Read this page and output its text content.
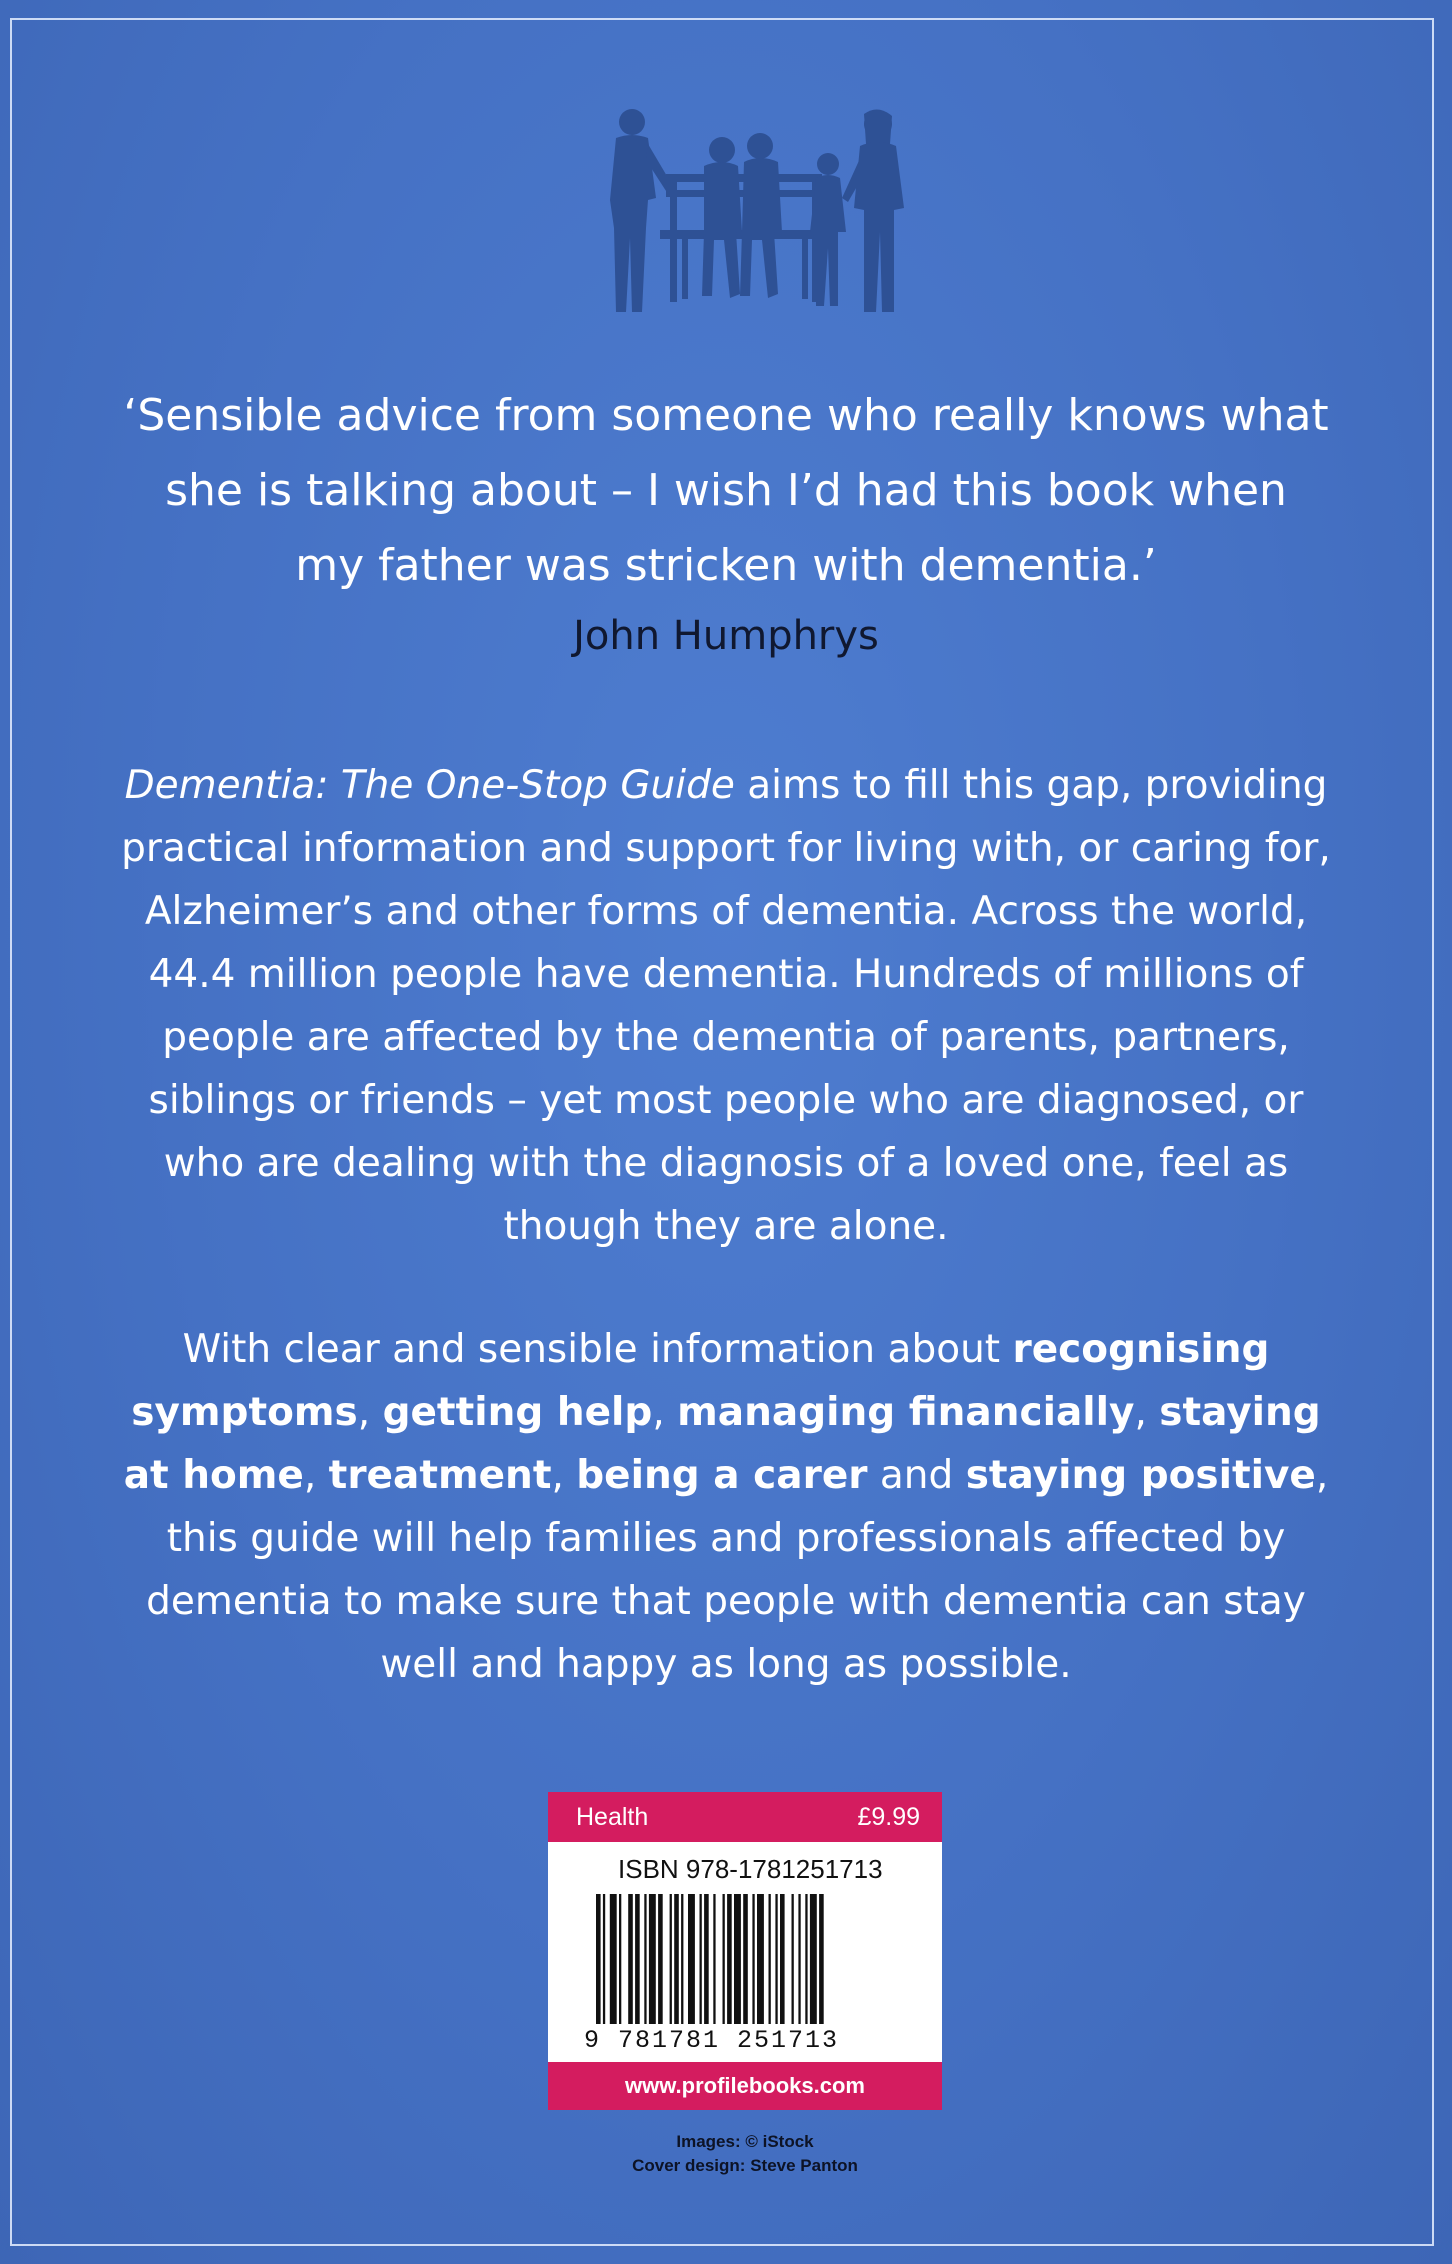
‘Sensible advice from someone who really knows what
she is talking about – I wish I’d had this book when
my father was stricken with dementia.’

John Humphrys

Dementia: The One-Stop Guide aims to fill this gap, providing practical information and support for living with, or caring for, Alzheimer’s and other forms of dementia. Across the world, 44.4 million people have dementia. Hundreds of millions of people are affected by the dementia of parents, partners, siblings or friends – yet most people who are diagnosed, or who are dealing with the diagnosis of a loved one, feel as though they are alone.

With clear and sensible information about recognising symptoms, getting help, managing financially, staying at home, treatment, being a carer and staying positive, this guide will help families and professionals affected by dementia to make sure that people with dementia can stay well and happy as long as possible.

Health	£9.99
ISBN 978-1781251713
9 781781 251713
www.profilebooks.com
Images: © iStock
Cover design: Steve Panton
